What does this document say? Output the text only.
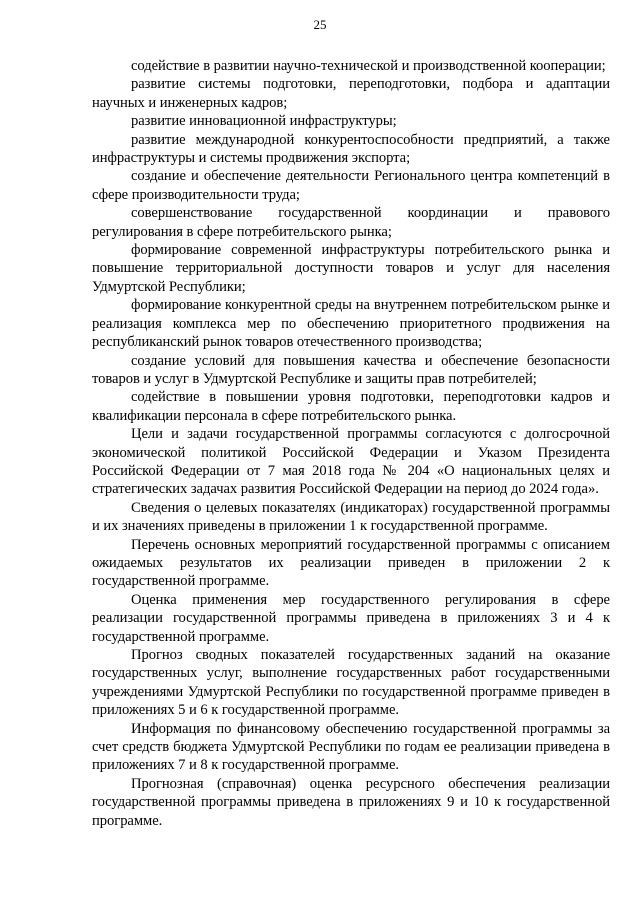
25

содействие в развитии научно-технической и производственной кооперации;

развитие системы подготовки, переподготовки, подбора и адаптации научных и инженерных кадров;

развитие инновационной инфраструктуры;

развитие международной конкурентоспособности предприятий, а также инфраструктуры и системы продвижения экспорта;

создание и обеспечение деятельности Регионального центра компетенций в сфере производительности труда;

совершенствование государственной координации и правового регулирования в сфере потребительского рынка;

формирование современной инфраструктуры потребительского рынка и повышение территориальной доступности товаров и услуг для населения Удмуртской Республики;

формирование конкурентной среды на внутреннем потребительском рынке и реализация комплекса мер по обеспечению приоритетного продвижения на республиканский рынок товаров отечественного производства;

создание условий для повышения качества и обеспечение безопасности товаров и услуг в Удмуртской Республике и защиты прав потребителей;

содействие в повышении уровня подготовки, переподготовки кадров и квалификации персонала в сфере потребительского рынка.

Цели и задачи государственной программы согласуются с долгосрочной экономической политикой Российской Федерации и Указом Президента Российской Федерации от 7 мая 2018 года № 204 «О национальных целях и стратегических задачах развития Российской Федерации на период до 2024 года».

Сведения о целевых показателях (индикаторах) государственной программы и их значениях приведены в приложении 1 к государственной программе.

Перечень основных мероприятий государственной программы с описанием ожидаемых результатов их реализации приведен в приложении 2 к государственной программе.

Оценка применения мер государственного регулирования в сфере реализации государственной программы приведена в приложениях 3 и 4 к государственной программе.

Прогноз сводных показателей государственных заданий на оказание государственных услуг, выполнение государственных работ государственными учреждениями Удмуртской Республики по государственной программе приведен в приложениях 5 и 6 к государственной программе.

Информация по финансовому обеспечению государственной программы за счет средств бюджета Удмуртской Республики по годам ее реализации приведена в приложениях 7 и 8 к государственной программе.

Прогнозная (справочная) оценка ресурсного обеспечения реализации государственной программы приведена в приложениях 9 и 10 к государственной программе.
